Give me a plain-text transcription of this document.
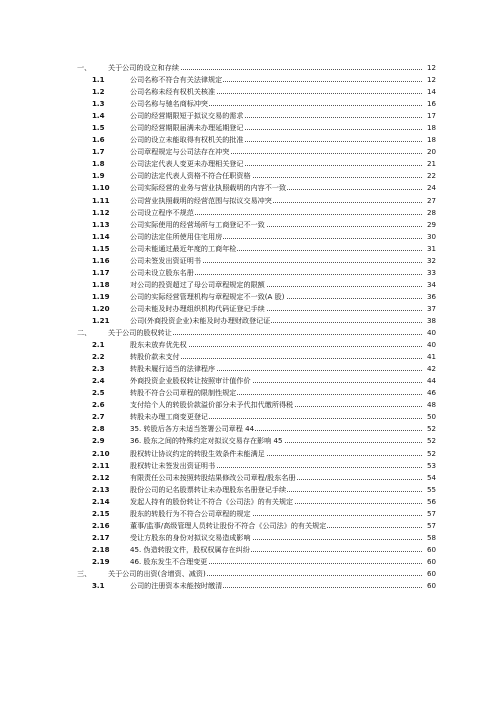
一、	关于公司的设立和存续	12
1.1	公司名称不符合有关法律规定	12
1.2	公司名称未经有权机关核准	14
1.3	公司名称与驰名商标冲突	16
1.4	公司的经营期限短于拟议交易的需求	17
1.5	公司的经营期限届满未办理延期登记	18
1.6	公司的设立未能取得有权机关的批准	18
1.7	公司章程规定与公司法存在冲突	20
1.8	公司法定代表人变更未办理相关登记	21
1.9	公司的法定代表人资格不符合任职资格	22
1.10	公司实际经营的业务与营业执照载明的内容不一致	24
1.11	公司营业执照载明的经营范围与拟议交易冲突	27
1.12	公司设立程序不规范	28
1.13	公司实际使用的经营场所与工商登记不一致	29
1.14	公司的法定住所使用住宅用房	30
1.15	公司未能通过最近年度的工商年检	31
1.16	公司未签发出资证明书	32
1.17	公司未设立股东名册	33
1.18	对公司的投资超过了母公司章程规定的限额	34
1.19	公司的实际经营管理机构与章程规定不一致(A 股)	36
1.20	公司未能及时办理组织机构代码证登记手续	37
1.21	公司(外商投资企业)未能及时办理财政登记证	38
二、	关于公司的股权转让	40
2.1	股东未放弃优先权	40
2.2	转股价款未支付	41
2.3	转股未履行适当的法律程序	42
2.4	外商投资企业股权转让按照审计值作价	44
2.5	转股不符合公司章程的限制性规定	46
2.6	支付给个人的转股价款溢价部分未予代扣代缴所得税	48
2.7	转股未办理工商变更登记	50
2.8	35. 转股后各方未适当签署公司章程 44	52
2.9	36. 股东之间的特殊约定对拟议交易存在影响 45	52
2.10	股权转让协议约定的转股生效条件未能满足	52
2.11	股权转让未签发出资证明书	53
2.12	有限责任公司未按照转股结果修改公司章程/股东名册	54
2.13	股份公司的记名股票转让未办理股东名册登记手续	55
2.14	发起人持有的股份转让不符合《公司法》的有关规定	56
2.15	股东的转股行为不符合公司章程的规定	57
2.16	董事/监事/高级管理人员转让股份不符合《公司法》的有关规定	57
2.17	受让方股东的身份对拟议交易造成影响	58
2.18	45. 伪造转股文件，股权权属存在纠纷	60
2.19	46. 股东发生不合理变更	60
三、	关于公司的出资(含增资、减资)	60
3.1	公司的注册资本未能按时缴清	60
